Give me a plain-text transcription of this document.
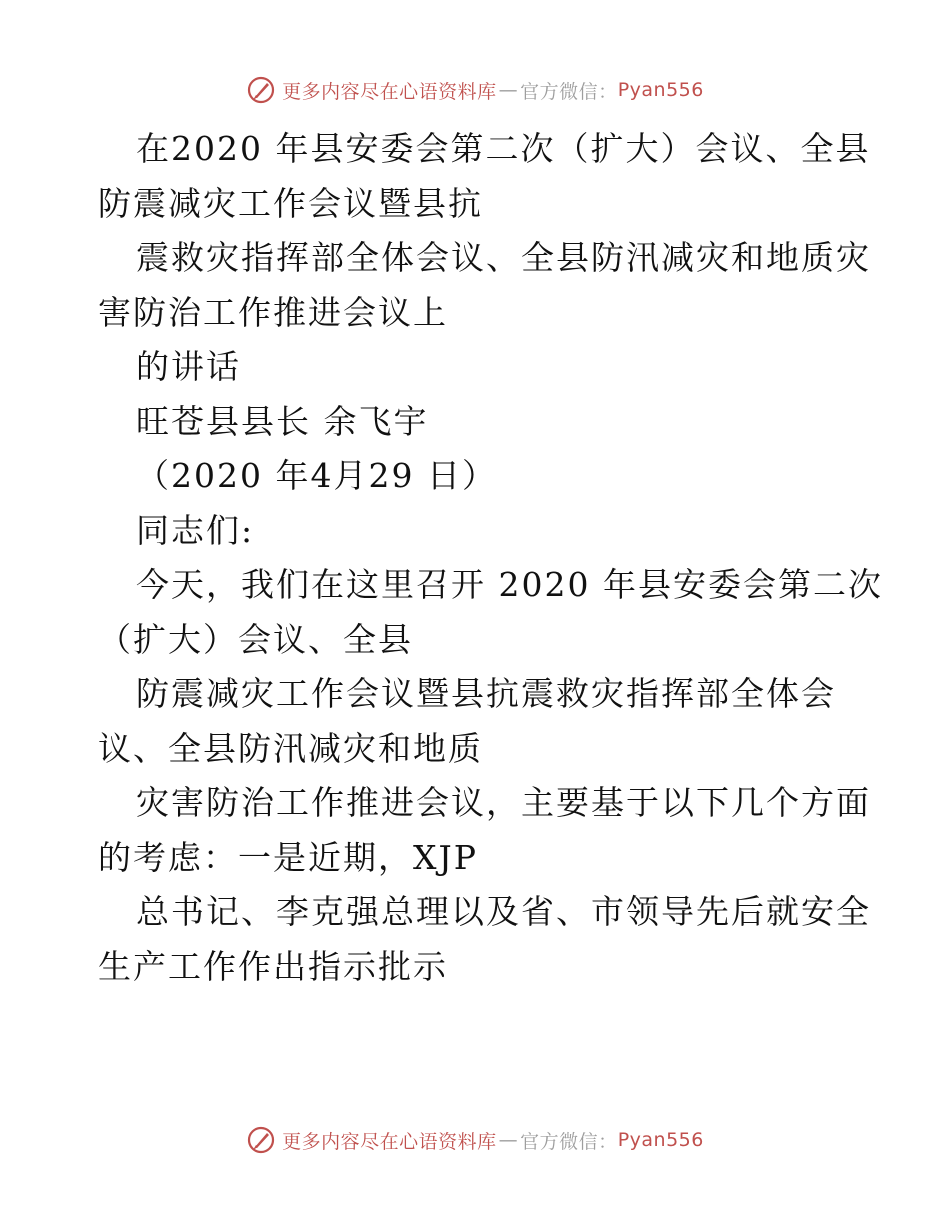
更多内容尽在心语资料库 — 官方微信： Pyan556
在2020 年县安委会第二次（扩大）会议、全县
防震减灾工作会议暨县抗
震救灾指挥部全体会议、全县防汛减灾和地质灾
害防治工作推进会议上
的讲话
旺苍县县长 余飞宇
（2020 年4月29 日）
同志们:
今天，我们在这里召开 2020 年县安委会第二次
（扩大）会议、全县
防震减灾工作会议暨县抗震救灾指挥部全体会
议、全县防汛减灾和地质
灾害防治工作推进会议，主要基于以下几个方面
的考虑：一是近期，XJP
总书记、李克强总理以及省、市领导先后就安全
生产工作作出指示批示
更多内容尽在心语资料库 — 官方微信： Pyan556
